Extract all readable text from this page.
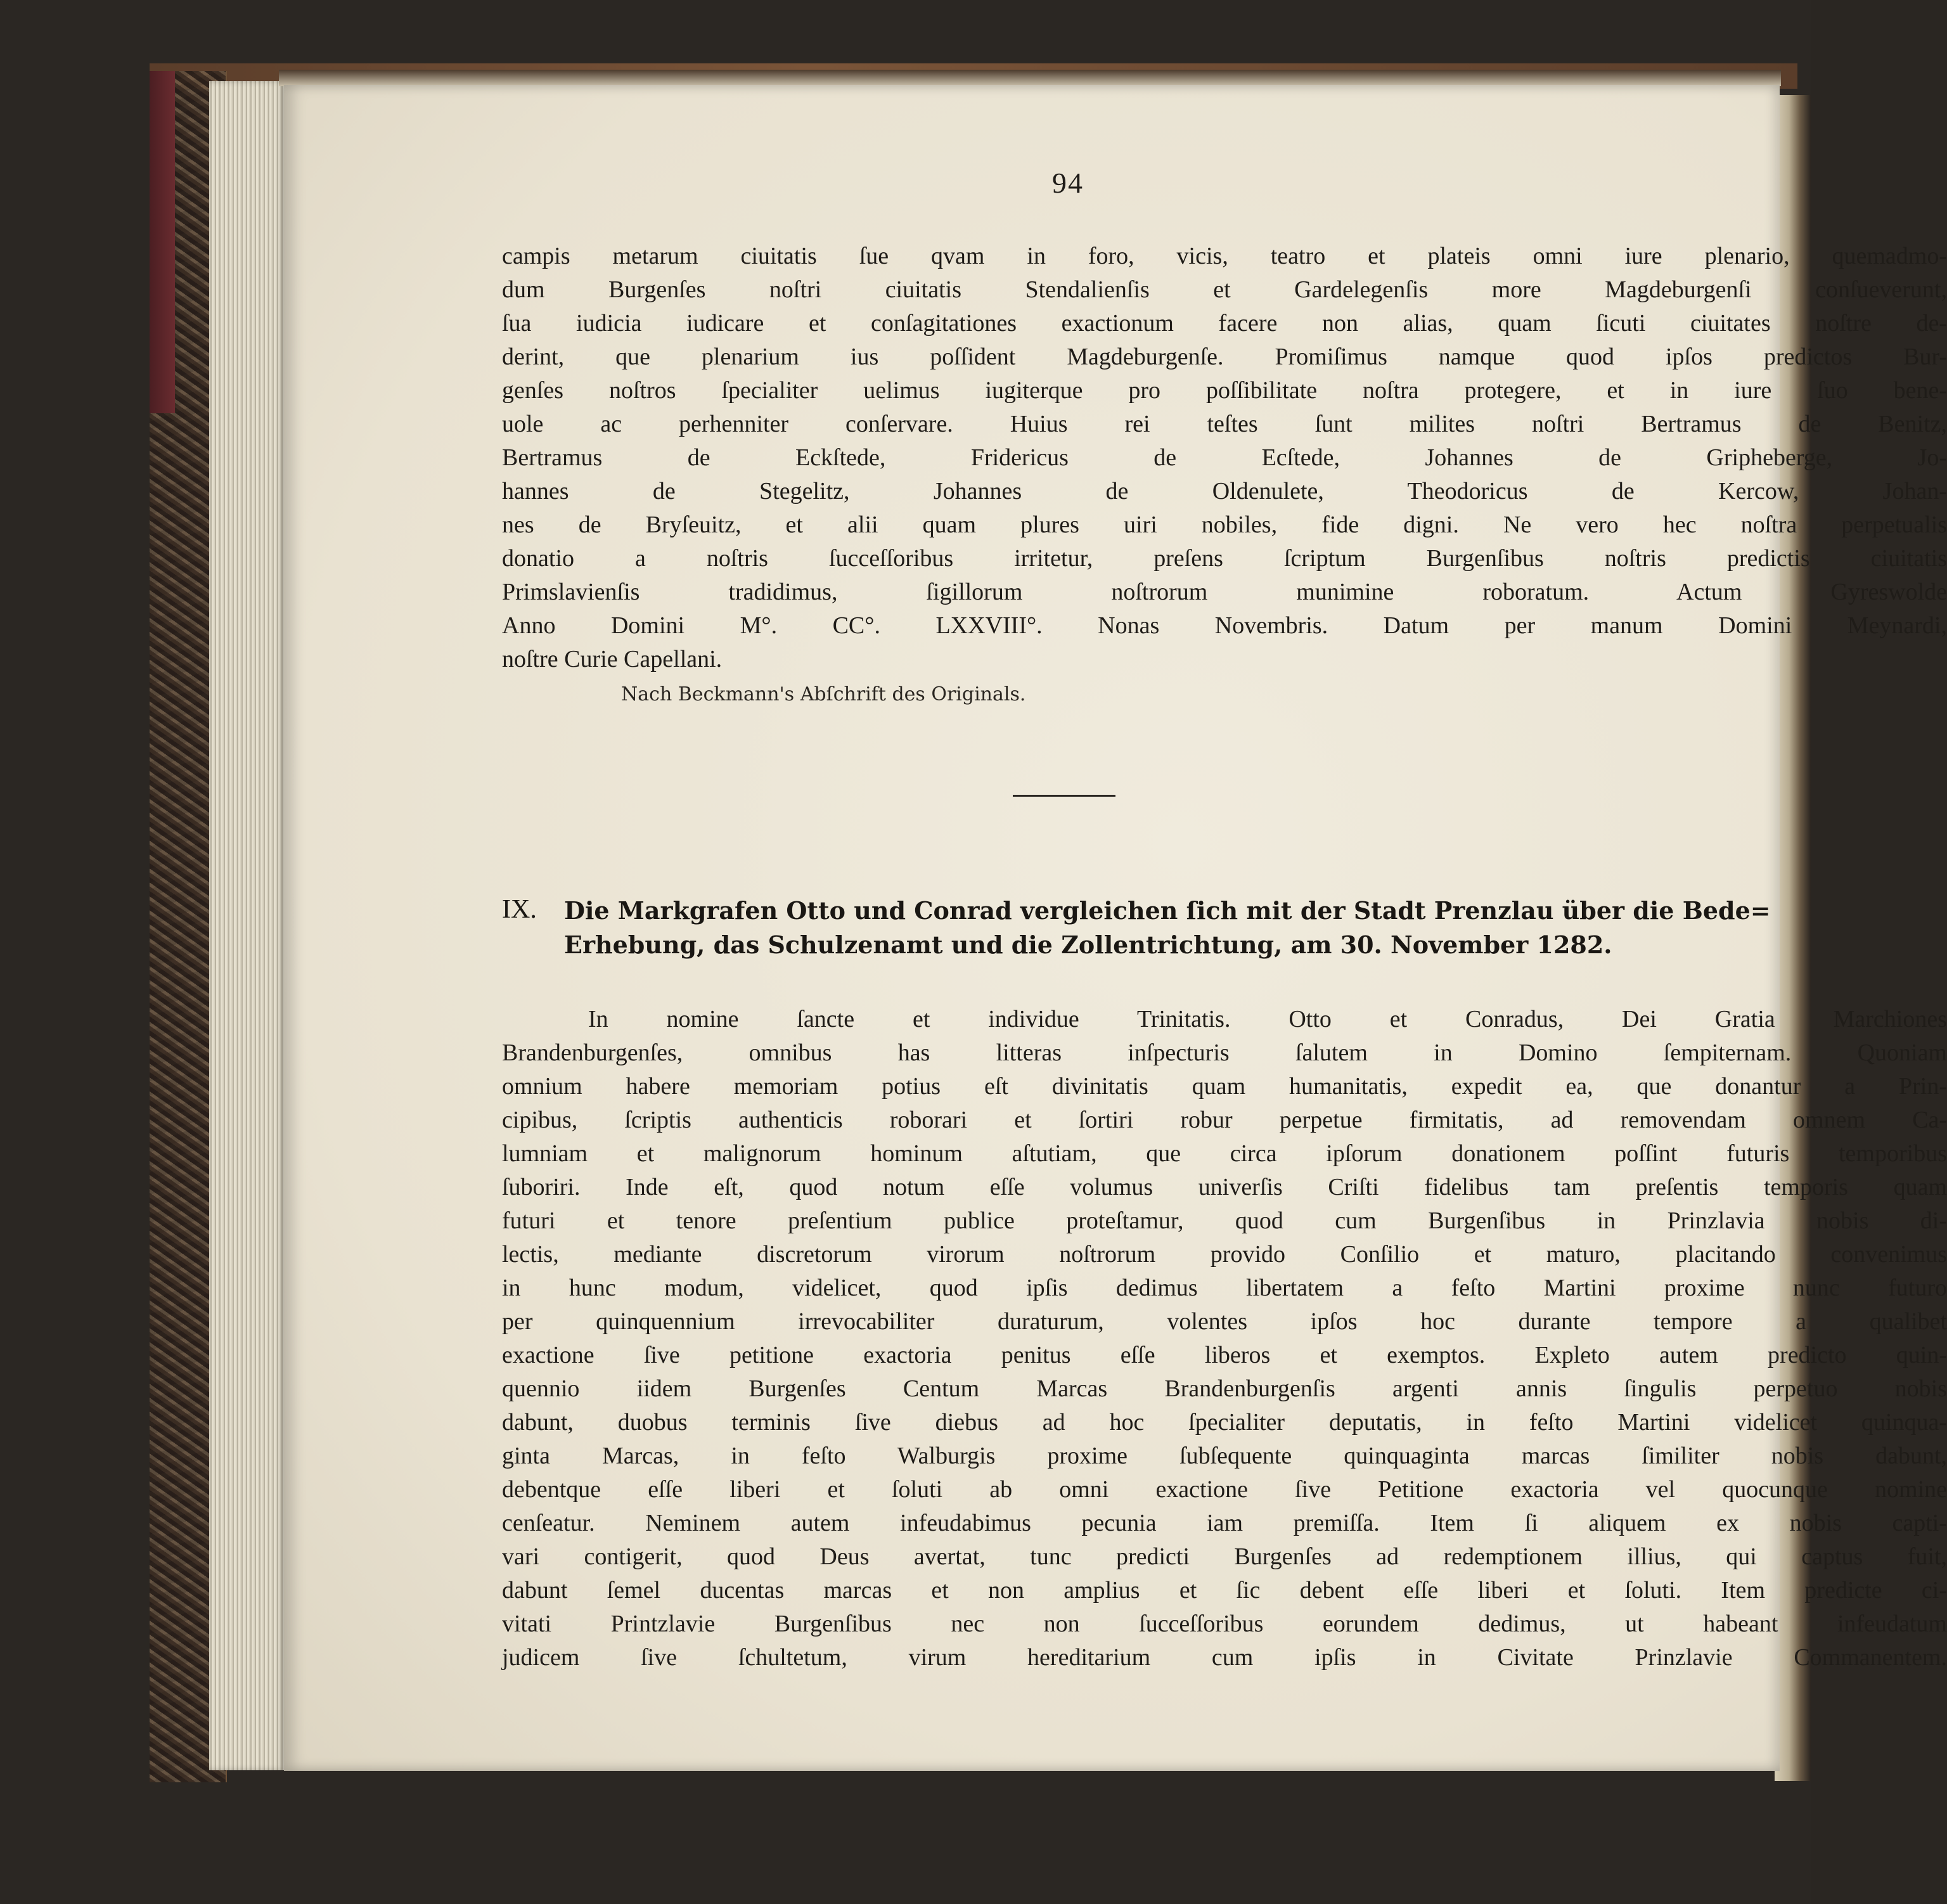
94
campis metarum ciuitatis ſue qvam in foro, vicis, teatro et plateis omni iure plenario, quemadmo-
dum Burgenſes noſtri ciuitatis Stendalienſis et Gardelegenſis more Magdeburgenſi conſueverunt,
ſua iudicia iudicare et conſagitationes exactionum facere non alias, quam ſicuti ciuitates noſtre de-
derint, que plenarium ius poſſident Magdeburgenſe. Promiſimus namque quod ipſos predictos Bur-
genſes noſtros ſpecialiter uelimus iugiterque pro poſſibilitate noſtra protegere, et in iure ſuo bene-
uole ac perhenniter conſervare. Huius rei teſtes ſunt milites noſtri Bertramus de Benitz,
Bertramus de Eckſtede, Fridericus de Ecſtede, Johannes de Gripheberge, Jo-
hannes de Stegelitz, Johannes de Oldenulete, Theodoricus de Kercow, Johan-
nes de Bryſeuitz, et alii quam plures uiri nobiles, fide digni. Ne vero hec noſtra perpetualis
donatio a noſtris ſucceſſoribus irritetur, preſens ſcriptum Burgenſibus noſtris predictis ciuitatis
Primslavienſis tradidimus, ſigillorum noſtrorum munimine roboratum. Actum Gyreswolde
Anno Domini M°. CC°. LXXVIII°. Nonas Novembris. Datum per manum Domini Meynardi,
noſtre Curie Capellani.
Nach Beckmann's Abſchrift des Originals.
IX. Die Markgrafen Otto und Conrad vergleichen ſich mit der Stadt Prenzlau über die Bede=
Erhebung, das Schulzenamt und die Zollentrichtung, am 30. November 1282.
In nomine ſancte et individue Trinitatis. Otto et Conradus, Dei Gratia Marchiones
Brandenburgenſes, omnibus has litteras inſpecturis ſalutem in Domino ſempiternam. Quoniam
omnium habere memoriam potius eſt divinitatis quam humanitatis, expedit ea, que donantur a Prin-
cipibus, ſcriptis authenticis roborari et ſortiri robur perpetue firmitatis, ad removendam omnem Ca-
lumniam et malignorum hominum aſtutiam, que circa ipſorum donationem poſſint futuris temporibus
ſuboriri. Inde eſt, quod notum eſſe volumus univerſis Criſti fidelibus tam preſentis temporis quam
futuri et tenore preſentium publice proteſtamur, quod cum Burgenſibus in Prinzlavia nobis di-
lectis, mediante discretorum virorum noſtrorum provido Conſilio et maturo, placitando convenimus
in hunc modum, videlicet, quod ipſis dedimus libertatem a feſto Martini proxime nunc futuro
per quinquennium irrevocabiliter duraturum, volentes ipſos hoc durante tempore a qualibet
exactione ſive petitione exactoria penitus eſſe liberos et exemptos. Expleto autem predicto quin-
quennio iidem Burgenſes Centum Marcas Brandenburgenſis argenti annis ſingulis perpetuo nobis
dabunt, duobus terminis ſive diebus ad hoc ſpecialiter deputatis, in feſto Martini videlicet quinqua-
ginta Marcas, in feſto Walburgis proxime ſubſequente quinquaginta marcas ſimiliter nobis dabunt,
debentque eſſe liberi et ſoluti ab omni exactione ſive Petitione exactoria vel quocunque nomine
cenſeatur. Neminem autem infeudabimus pecunia iam premiſſa. Item ſi aliquem ex nobis capti-
vari contigerit, quod Deus avertat, tunc predicti Burgenſes ad redemptionem illius, qui captus fuit,
dabunt ſemel ducentas marcas et non amplius et ſic debent eſſe liberi et ſoluti. Item predicte ci-
vitati Printzlavie Burgenſibus nec non ſucceſſoribus eorundem dedimus, ut habeant infeudatum
judicem ſive ſchultetum, virum hereditarium cum ipſis in Civitate Prinzlavie Commanentem.
